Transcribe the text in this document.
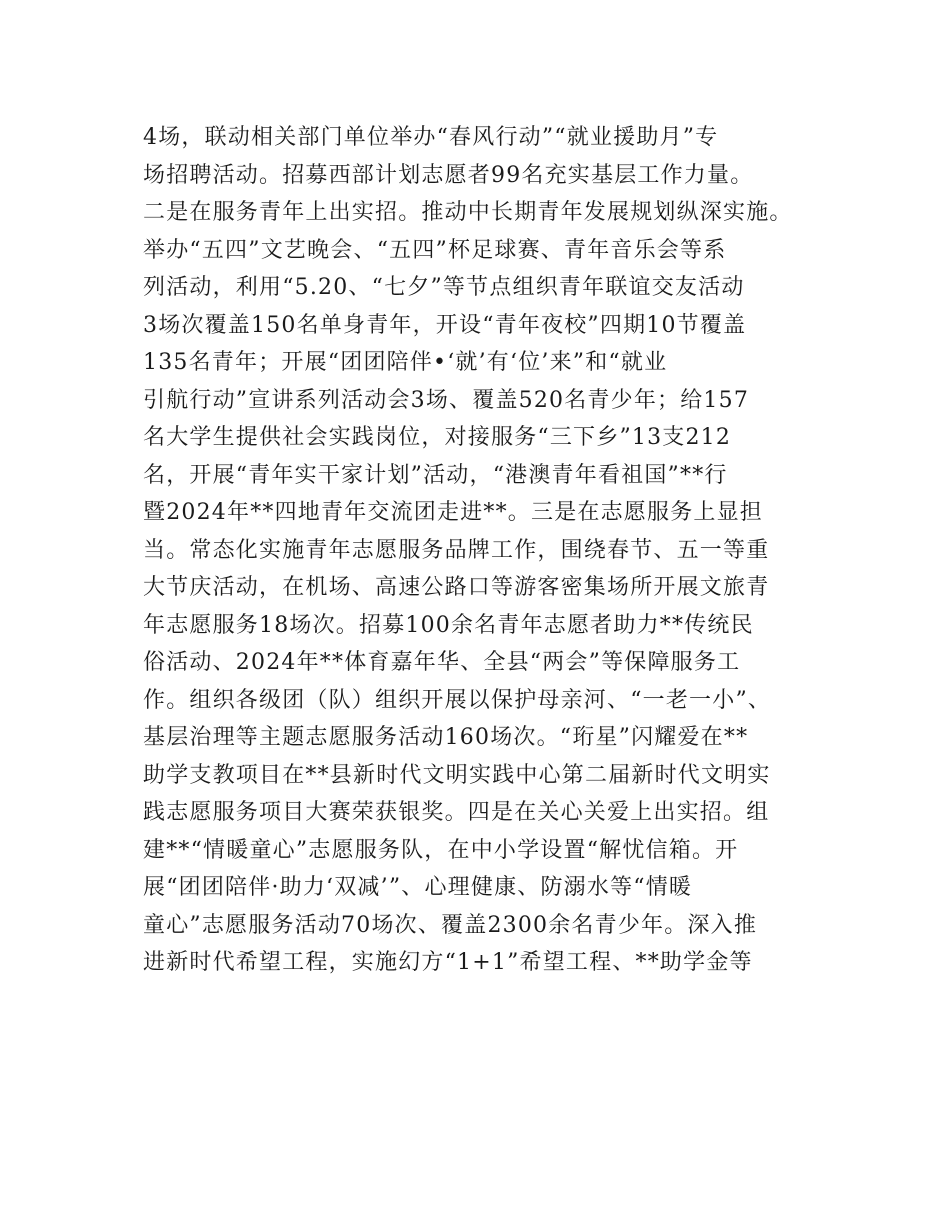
4场，联动相关部门单位举办“春风行动”“就业援助月”专
场招聘活动。招募西部计划志愿者99名充实基层工作力量。
二是在服务青年上出实招。推动中长期青年发展规划纵深实施。
举办“五四”文艺晚会、“五四”杯足球赛、青年音乐会等系
列活动，利用“5.20、“七夕”等节点组织青年联谊交友活动
3场次覆盖150名单身青年，开设“青年夜校”四期10节覆盖
135名青年；开展“团团陪伴•‘就’有‘位’来”和“就业
引航行动”宣讲系列活动会3场、覆盖520名青少年；给157
名大学生提供社会实践岗位，对接服务“三下乡”13支212
名，开展“青年实干家计划”活动，“港澳青年看祖国”**行
暨2024年**四地青年交流团走进**。三是在志愿服务上显担
当。常态化实施青年志愿服务品牌工作，围绕春节、五一等重
大节庆活动，在机场、高速公路口等游客密集场所开展文旅青
年志愿服务18场次。招募100余名青年志愿者助力**传统民
俗活动、2024年**体育嘉年华、全县“两会”等保障服务工
作。组织各级团（队）组织开展以保护母亲河、“一老一小”、
基层治理等主题志愿服务活动160场次。“珩星”闪耀爱在**
助学支教项目在**县新时代文明实践中心第二届新时代文明实
践志愿服务项目大赛荣获银奖。四是在关心关爱上出实招。组
建**“情暖童心”志愿服务队，在中小学设置“解忧信箱。开
展“团团陪伴·助力‘双减’”、心理健康、防溺水等“情暖
童心”志愿服务活动70场次、覆盖2300余名青少年。深入推
进新时代希望工程，实施幻方“1+1”希望工程、**助学金等
